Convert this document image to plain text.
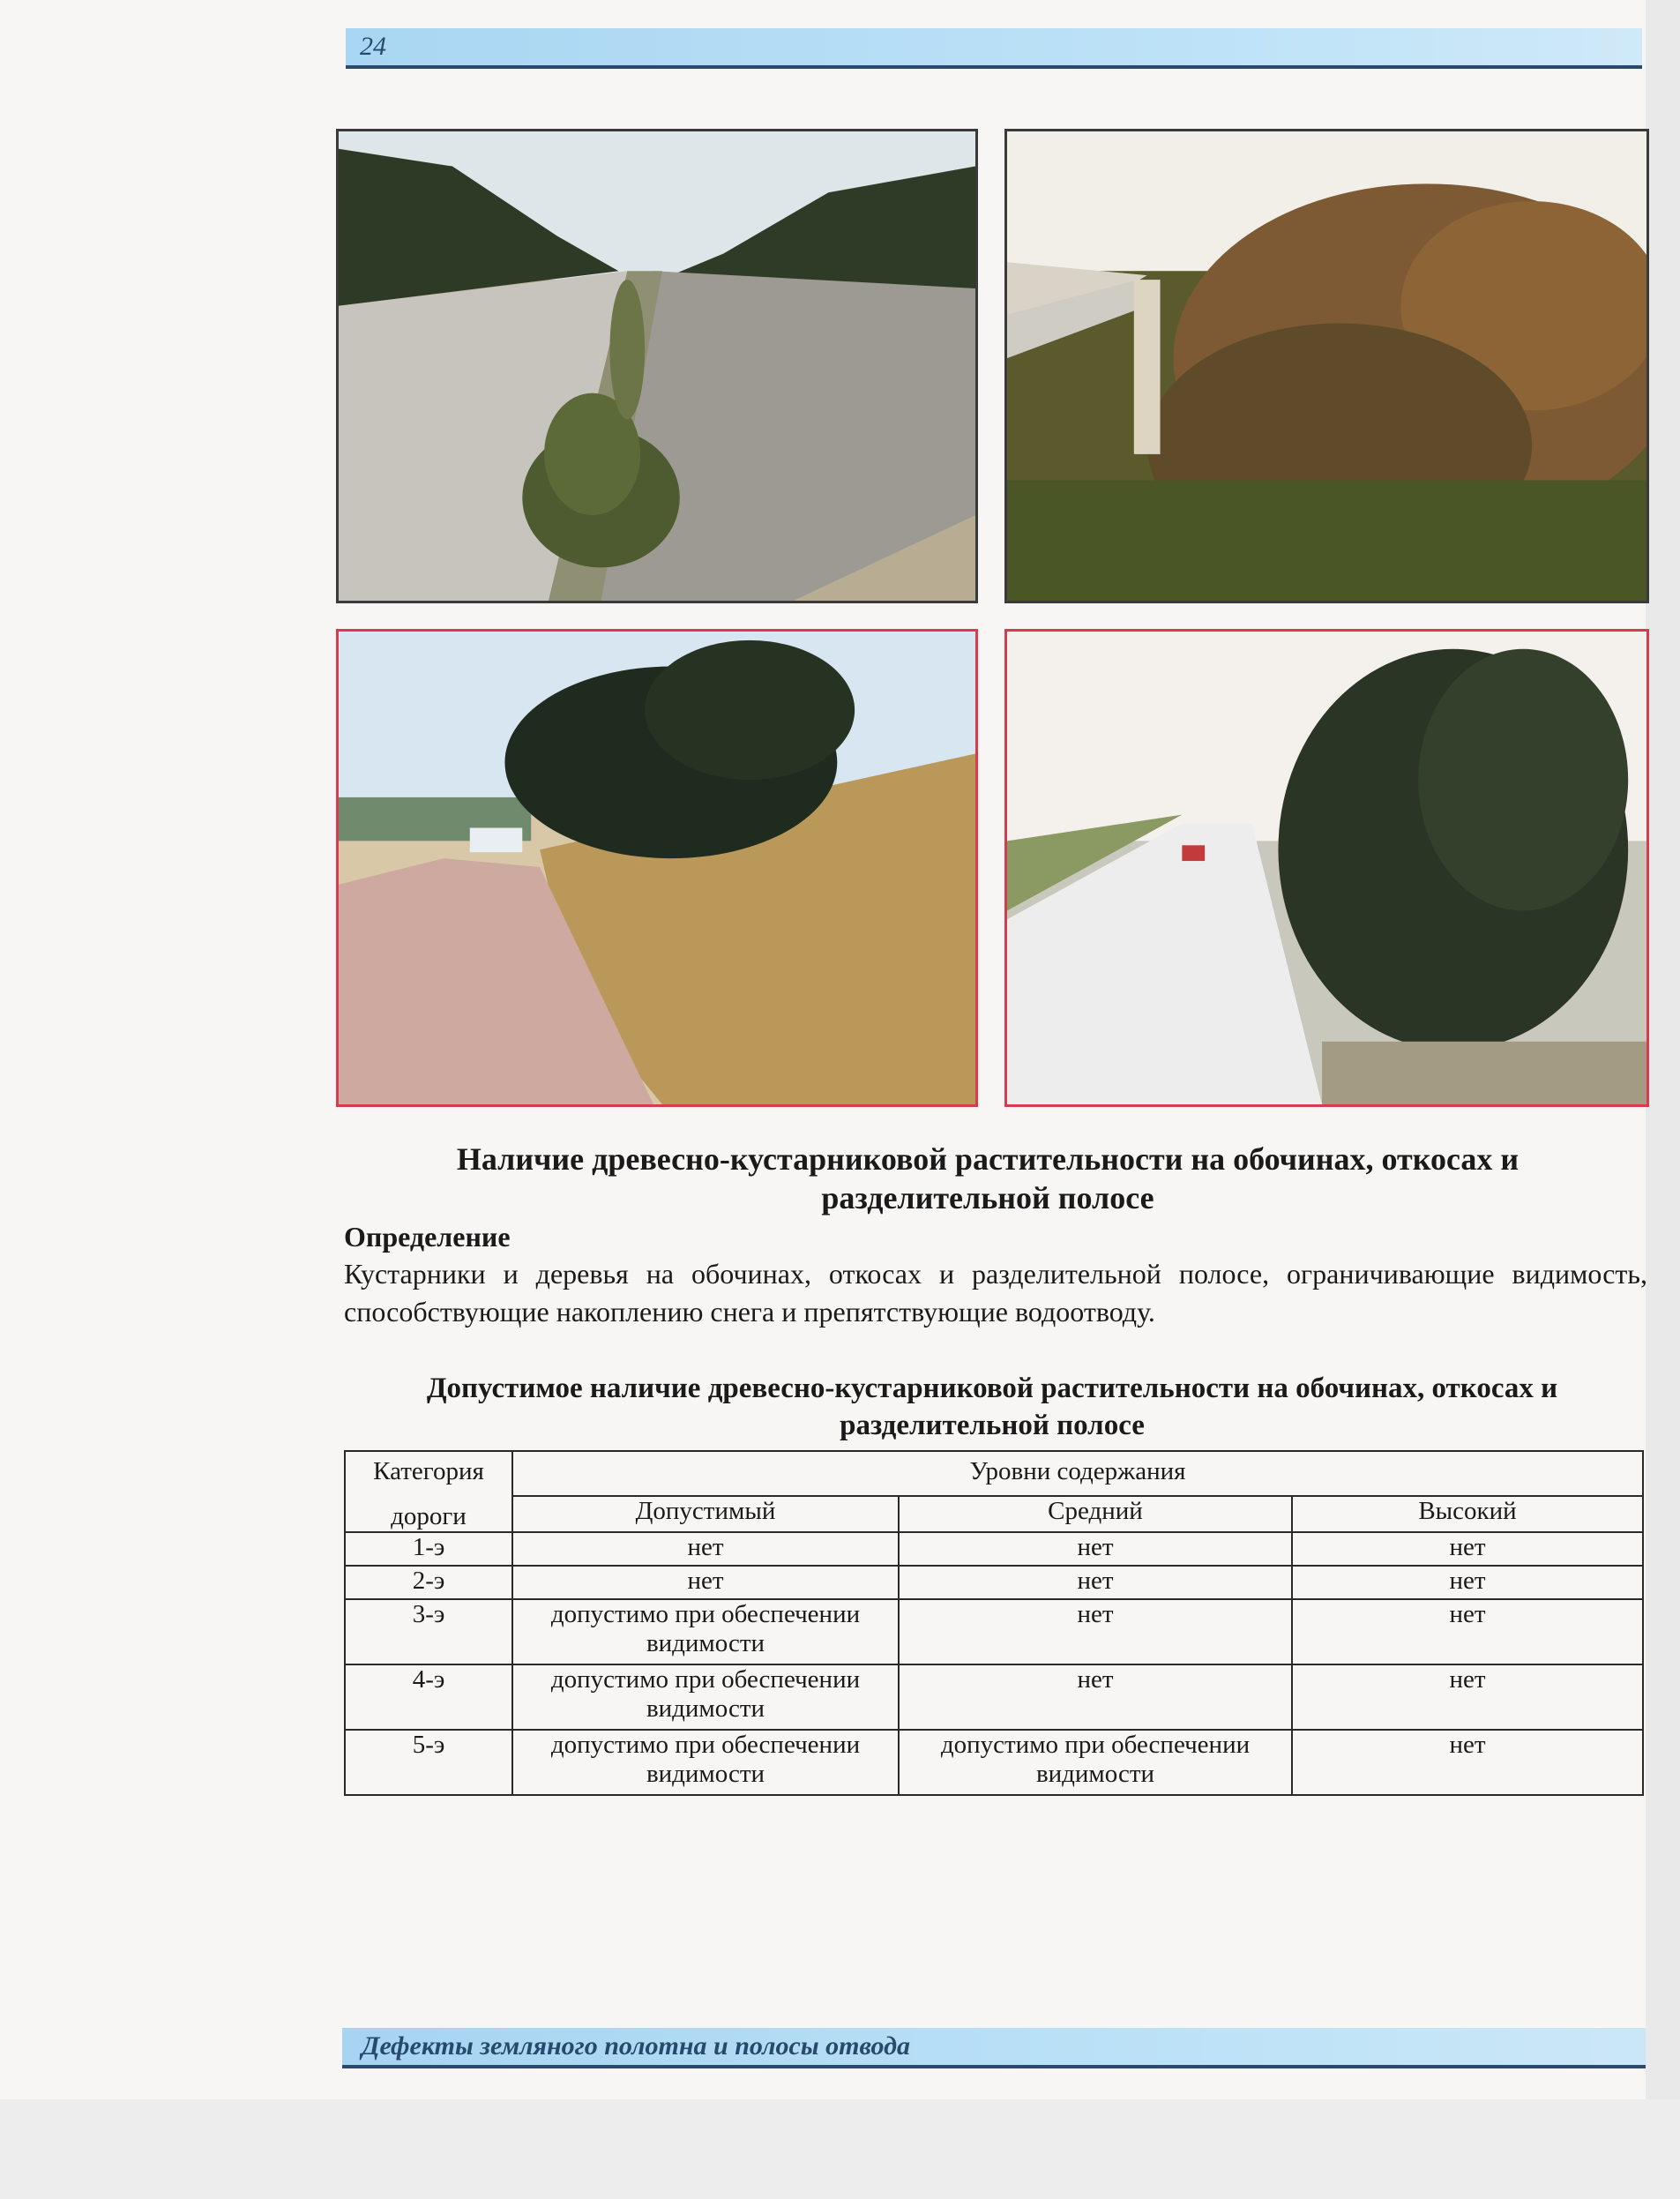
24
Наличие древесно-кустарниковой растительности на обочинах, откосах и разделительной полосе
Определение
Кустарники и деревья на обочинах, откосах и разделительной полосе, ограничивающие видимость, способствующие накоплению снега и препятствующие водоотводу.
Допустимое наличие древесно-кустарниковой растительности на обочинах, откосах и разделительной полосе
Категория
дороги	Уровни содержания		
	Допустимый	Средний	Высокий
1-э	нет	нет	нет
2-э	нет	нет	нет
3-э	допустимо при обеспечении видимости	нет	нет
4-э	допустимо при обеспечении видимости	нет	нет
5-э	допустимо при обеспечении видимости	допустимо при обеспечении видимости	нет
Дефекты земляного полотна и полосы отвода
